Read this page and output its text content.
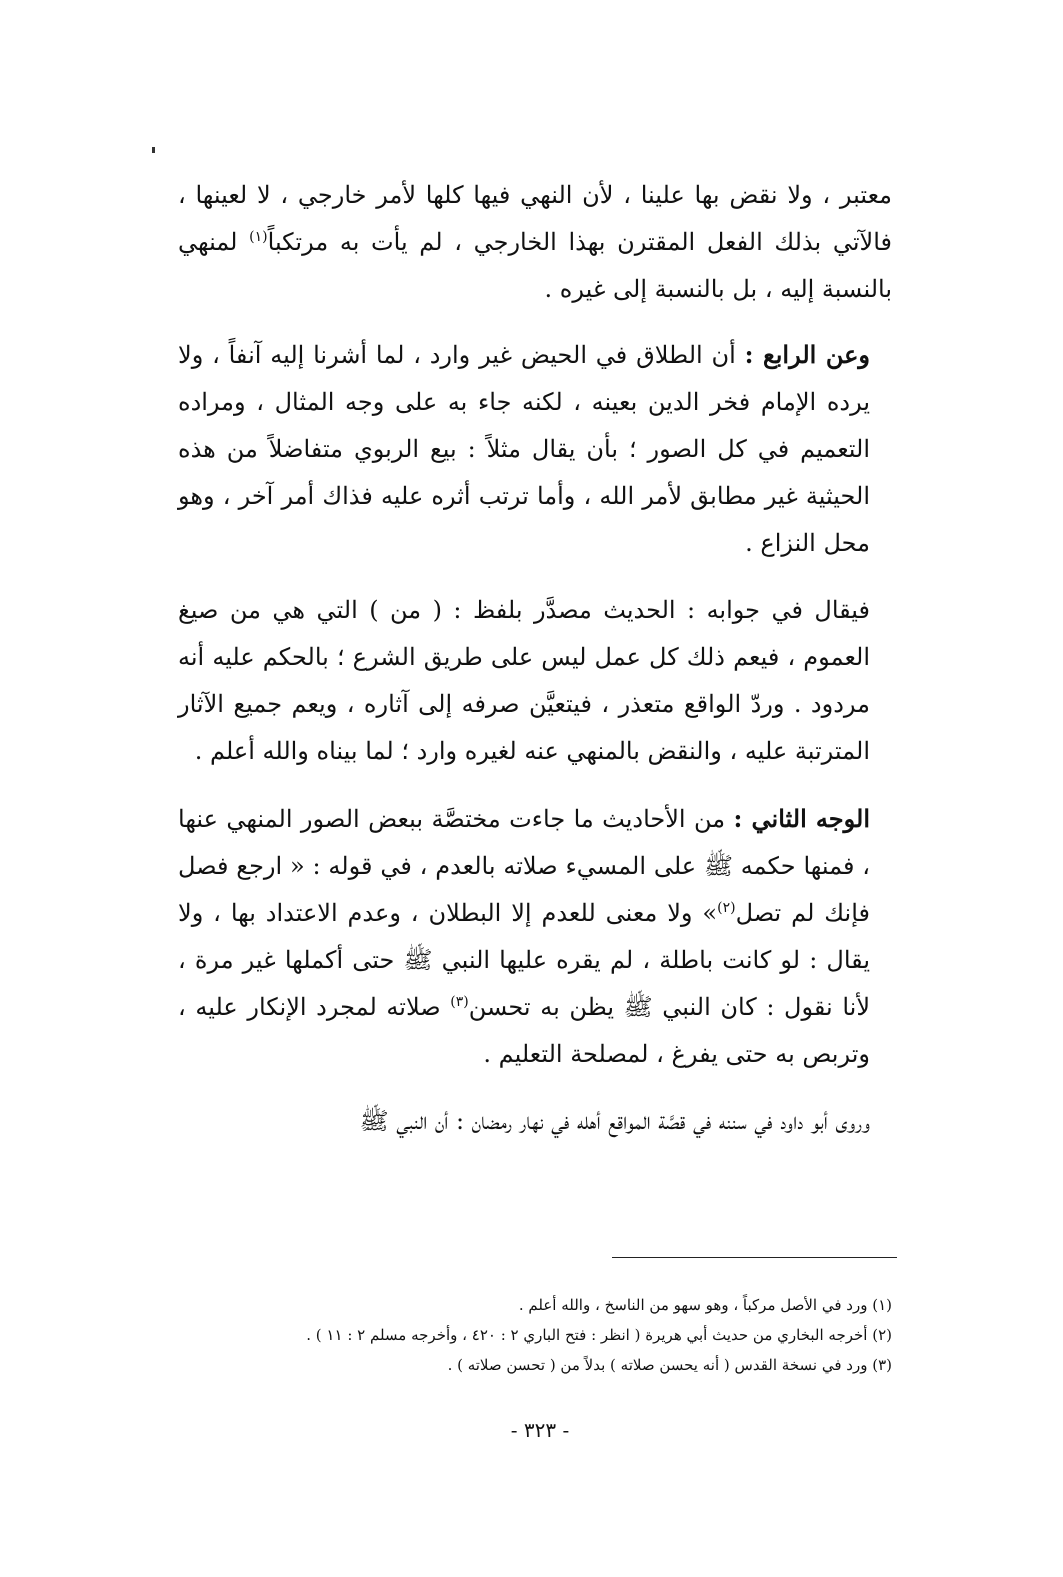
معتبر ، ولا نقض بها علينا ، لأن النهي فيها كلها لأمر خارجي ، لا لعينها ، فالآتي بذلك الفعل المقترن بهذا الخارجي ، لم يأت به مرتكباً$^{(١)}$ لمنهي بالنسبة إليه ، بل بالنسبة إلى غيره .

وعن الرابع : أن الطلاق في الحيض غير وارد ، لما أشرنا إليه آنفاً ، ولا يرده الإمام فخر الدين بعينه ، لكنه جاء به على وجه المثال ، ومراده التعميم في كل الصور ؛ بأن يقال مثلاً : بيع الربوي متفاضلاً من هذه الحيثية غير مطابق لأمر الله ، وأما ترتب أثره عليه فذاك أمر آخر ، وهو محل النزاع .

فيقال في جوابه : الحديث مصدَّر بلفظ : ( من ) التي هي من صيغ العموم ، فيعم ذلك كل عمل ليس على طريق الشرع ؛ بالحكم عليه أنه مردود . وردّ الواقع متعذر ، فيتعيَّن صرفه إلى آثاره ، ويعم جميع الآثار المترتبة عليه ، والنقض بالمنهي عنه لغيره وارد ؛ لما بيناه والله أعلم .

الوجه الثاني : من الأحاديث ما جاءت مختصَّة ببعض الصور المنهي عنها ، فمنها حكمه ﷺ على المسيء صلاته بالعدم ، في قوله : « ارجع فصل فإنك لم تصل$^{(٢)}$» ولا معنى للعدم إلا البطلان ، وعدم الاعتداد بها ، ولا يقال : لو كانت باطلة ، لم يقره عليها النبي ﷺ حتى أكملها غير مرة ، لأنا نقول : كان النبي ﷺ يظن به تحسن$^{(٣)}$ صلاته لمجرد الإنكار عليه ، وتربص به حتى يفرغ ، لمصلحة التعليم .

وروى أبو داود في سننه في قصَّة المواقع أهله في نهار رمضان : أن النبي ﷺ

(١) ورد في الأصل مركباً ، وهو سهو من الناسخ ، والله أعلم .
(٢) أخرجه البخاري من حديث أبي هريرة ( انظر : فتح الباري ٢ : ٤٢٠ ، وأخرجه مسلم ٢ : ١١ ) .
(٣) ورد في نسخة القدس ( أنه يحسن صلاته ) بدلاً من ( تحسن صلاته ) .
- ٣٢٣ -
